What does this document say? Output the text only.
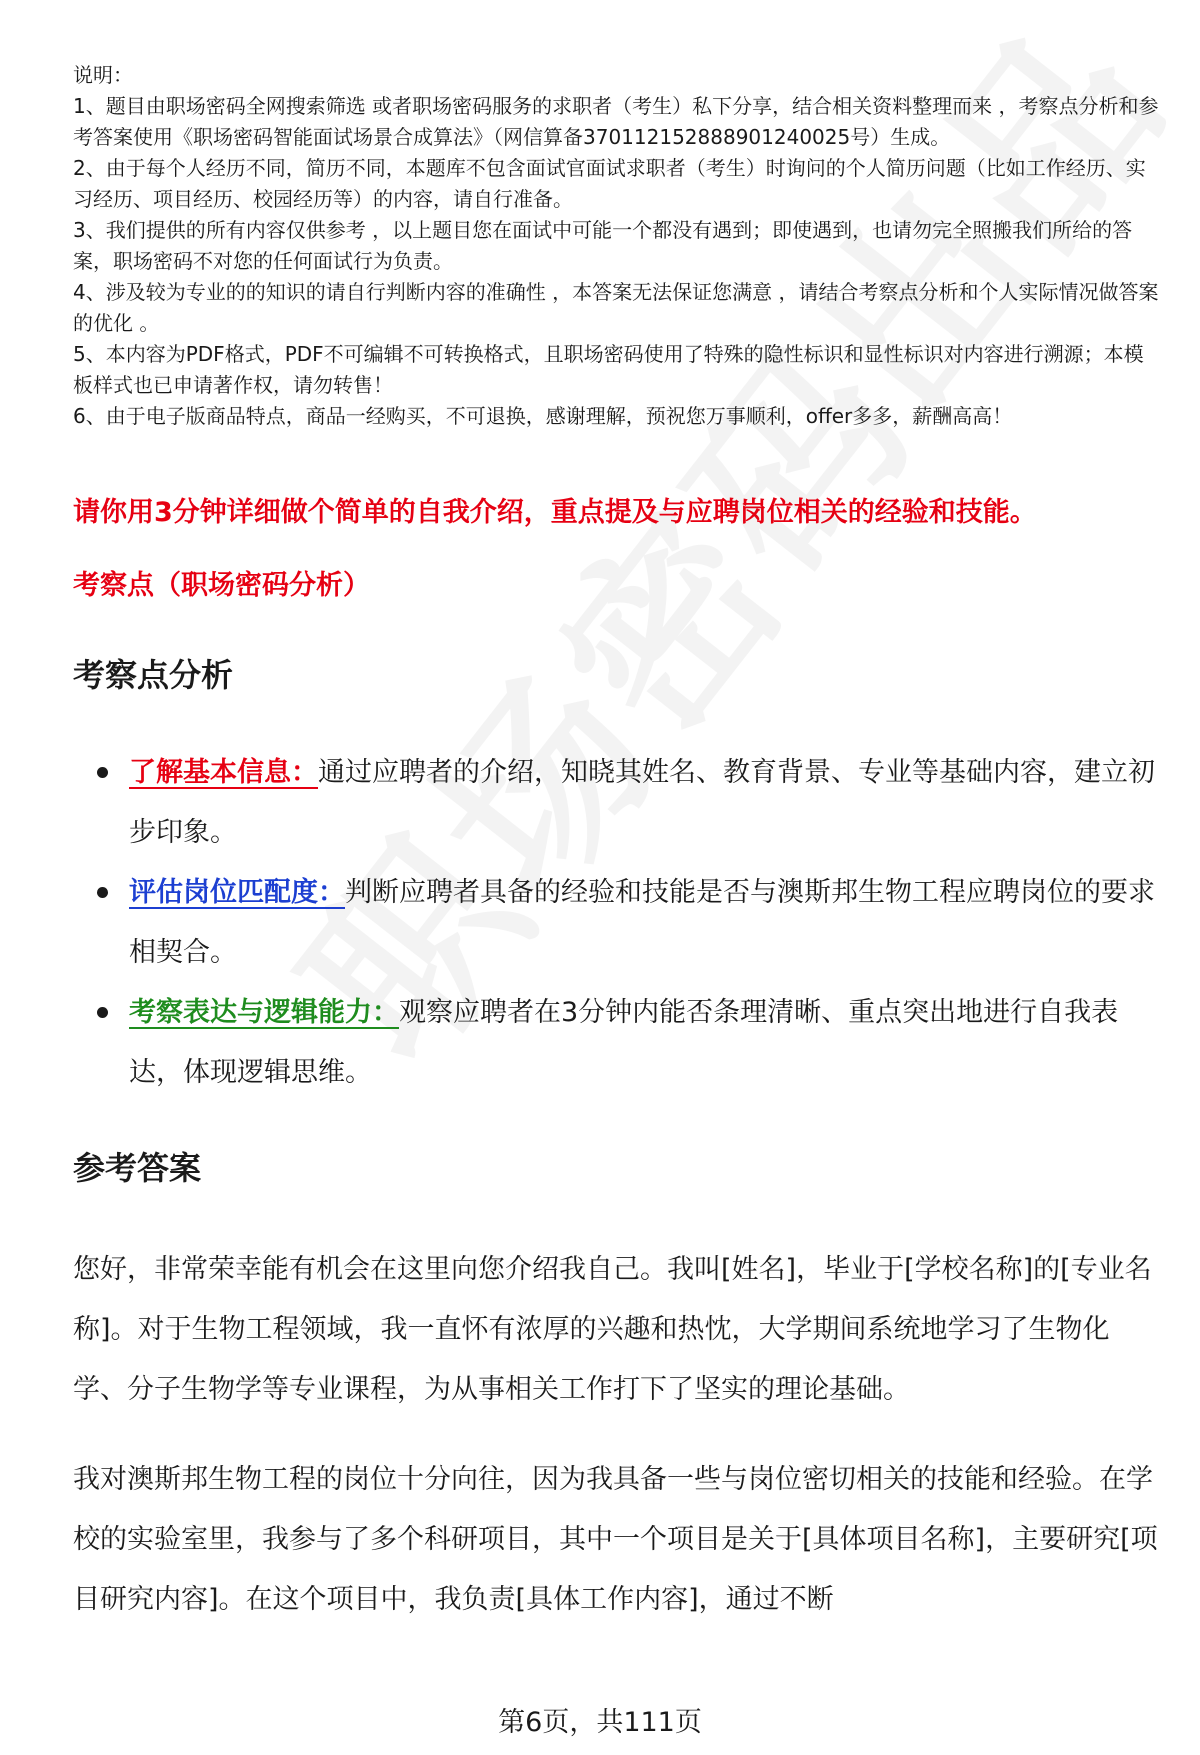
说明：

1、题目由职场密码全网搜索筛选 或者职场密码服务的求职者（考生）私下分享，结合相关资料整理而来 ，考察点分析和参考答案使用《职场密码智能面试场景合成算法》（网信算备370112152888901240025号）生成。

2、由于每个人经历不同，简历不同，本题库不包含面试官面试求职者（考生）时询问的个人简历问题（比如工作经历、实习经历、项目经历、校园经历等）的内容，请自行准备。

3、我们提供的所有内容仅供参考 ，以上题目您在面试中可能一个都没有遇到；即使遇到，也请勿完全照搬我们所给的答案，职场密码不对您的任何面试行为负责。

4、涉及较为专业的的知识的请自行判断内容的准确性 ，本答案无法保证您满意 ，请结合考察点分析和个人实际情况做答案的优化 。

5、本内容为PDF格式，PDF不可编辑不可转换格式，且职场密码使用了特殊的隐性标识和显性标识对内容进行溯源；本模板样式也已申请著作权，请勿转售！

6、由于电子版商品特点，商品一经购买，不可退换，感谢理解，预祝您万事顺利，offer多多，薪酬高高！

请你用3分钟详细做个简单的自我介绍，重点提及与应聘岗位相关的经验和技能。

考察点（职场密码分析）

考察点分析
了解基本信息：通过应聘者的介绍，知晓其姓名、教育背景、专业等基础内容，建立初步印象。
评估岗位匹配度：判断应聘者具备的经验和技能是否与澳斯邦生物工程应聘岗位的要求相契合。
考察表达与逻辑能力：观察应聘者在3分钟内能否条理清晰、重点突出地进行自我表达，体现逻辑思维。
参考答案

您好，非常荣幸能有机会在这里向您介绍我自己。我叫[姓名]，毕业于[学校名称]的[专业名称]。对于生物工程领域，我一直怀有浓厚的兴趣和热忱，大学期间系统地学习了生物化学、分子生物学等专业课程，为从事相关工作打下了坚实的理论基础。

我对澳斯邦生物工程的岗位十分向往，因为我具备一些与岗位密切相关的技能和经验。在学校的实验室里，我参与了多个科研项目，其中一个项目是关于[具体项目名称]，主要研究[项目研究内容]。在这个项目中，我负责[具体工作内容]，通过不断

第6页，共111页
